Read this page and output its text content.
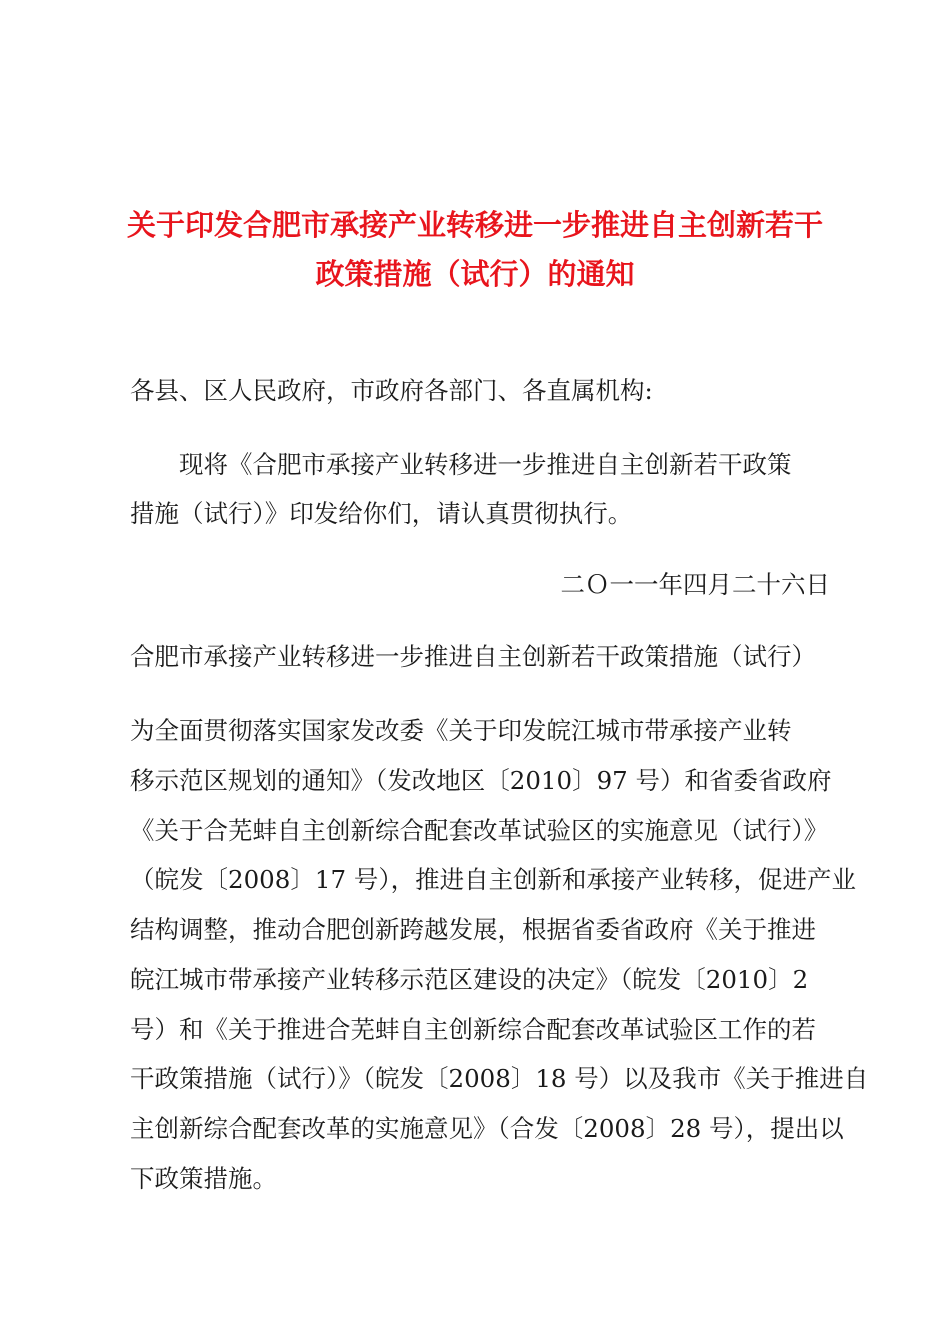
关于印发合肥市承接产业转移进一步推进自主创新若干
政策措施（试行）的通知
各县、区人民政府，市政府各部门、各直属机构:
　　现将《合肥市承接产业转移进一步推进自主创新若干政策
措施（试行）》印发给你们，请认真贯彻执行。
二Ｏ一一年四月二十六日
合肥市承接产业转移进一步推进自主创新若干政策措施（试行）
为全面贯彻落实国家发改委《关于印发皖江城市带承接产业转
移示范区规划的通知》（发改地区〔2010〕97 号）和省委省政府
《关于合芜蚌自主创新综合配套改革试验区的实施意见（试行）》
（皖发〔2008〕17 号），推进自主创新和承接产业转移，促进产业
结构调整，推动合肥创新跨越发展，根据省委省政府《关于推进
皖江城市带承接产业转移示范区建设的决定》（皖发〔2010〕2
号）和《关于推进合芜蚌自主创新综合配套改革试验区工作的若
干政策措施（试行）》（皖发〔2008〕18 号）以及我市《关于推进自
主创新综合配套改革的实施意见》（合发〔2008〕28 号），提出以
下政策措施。
